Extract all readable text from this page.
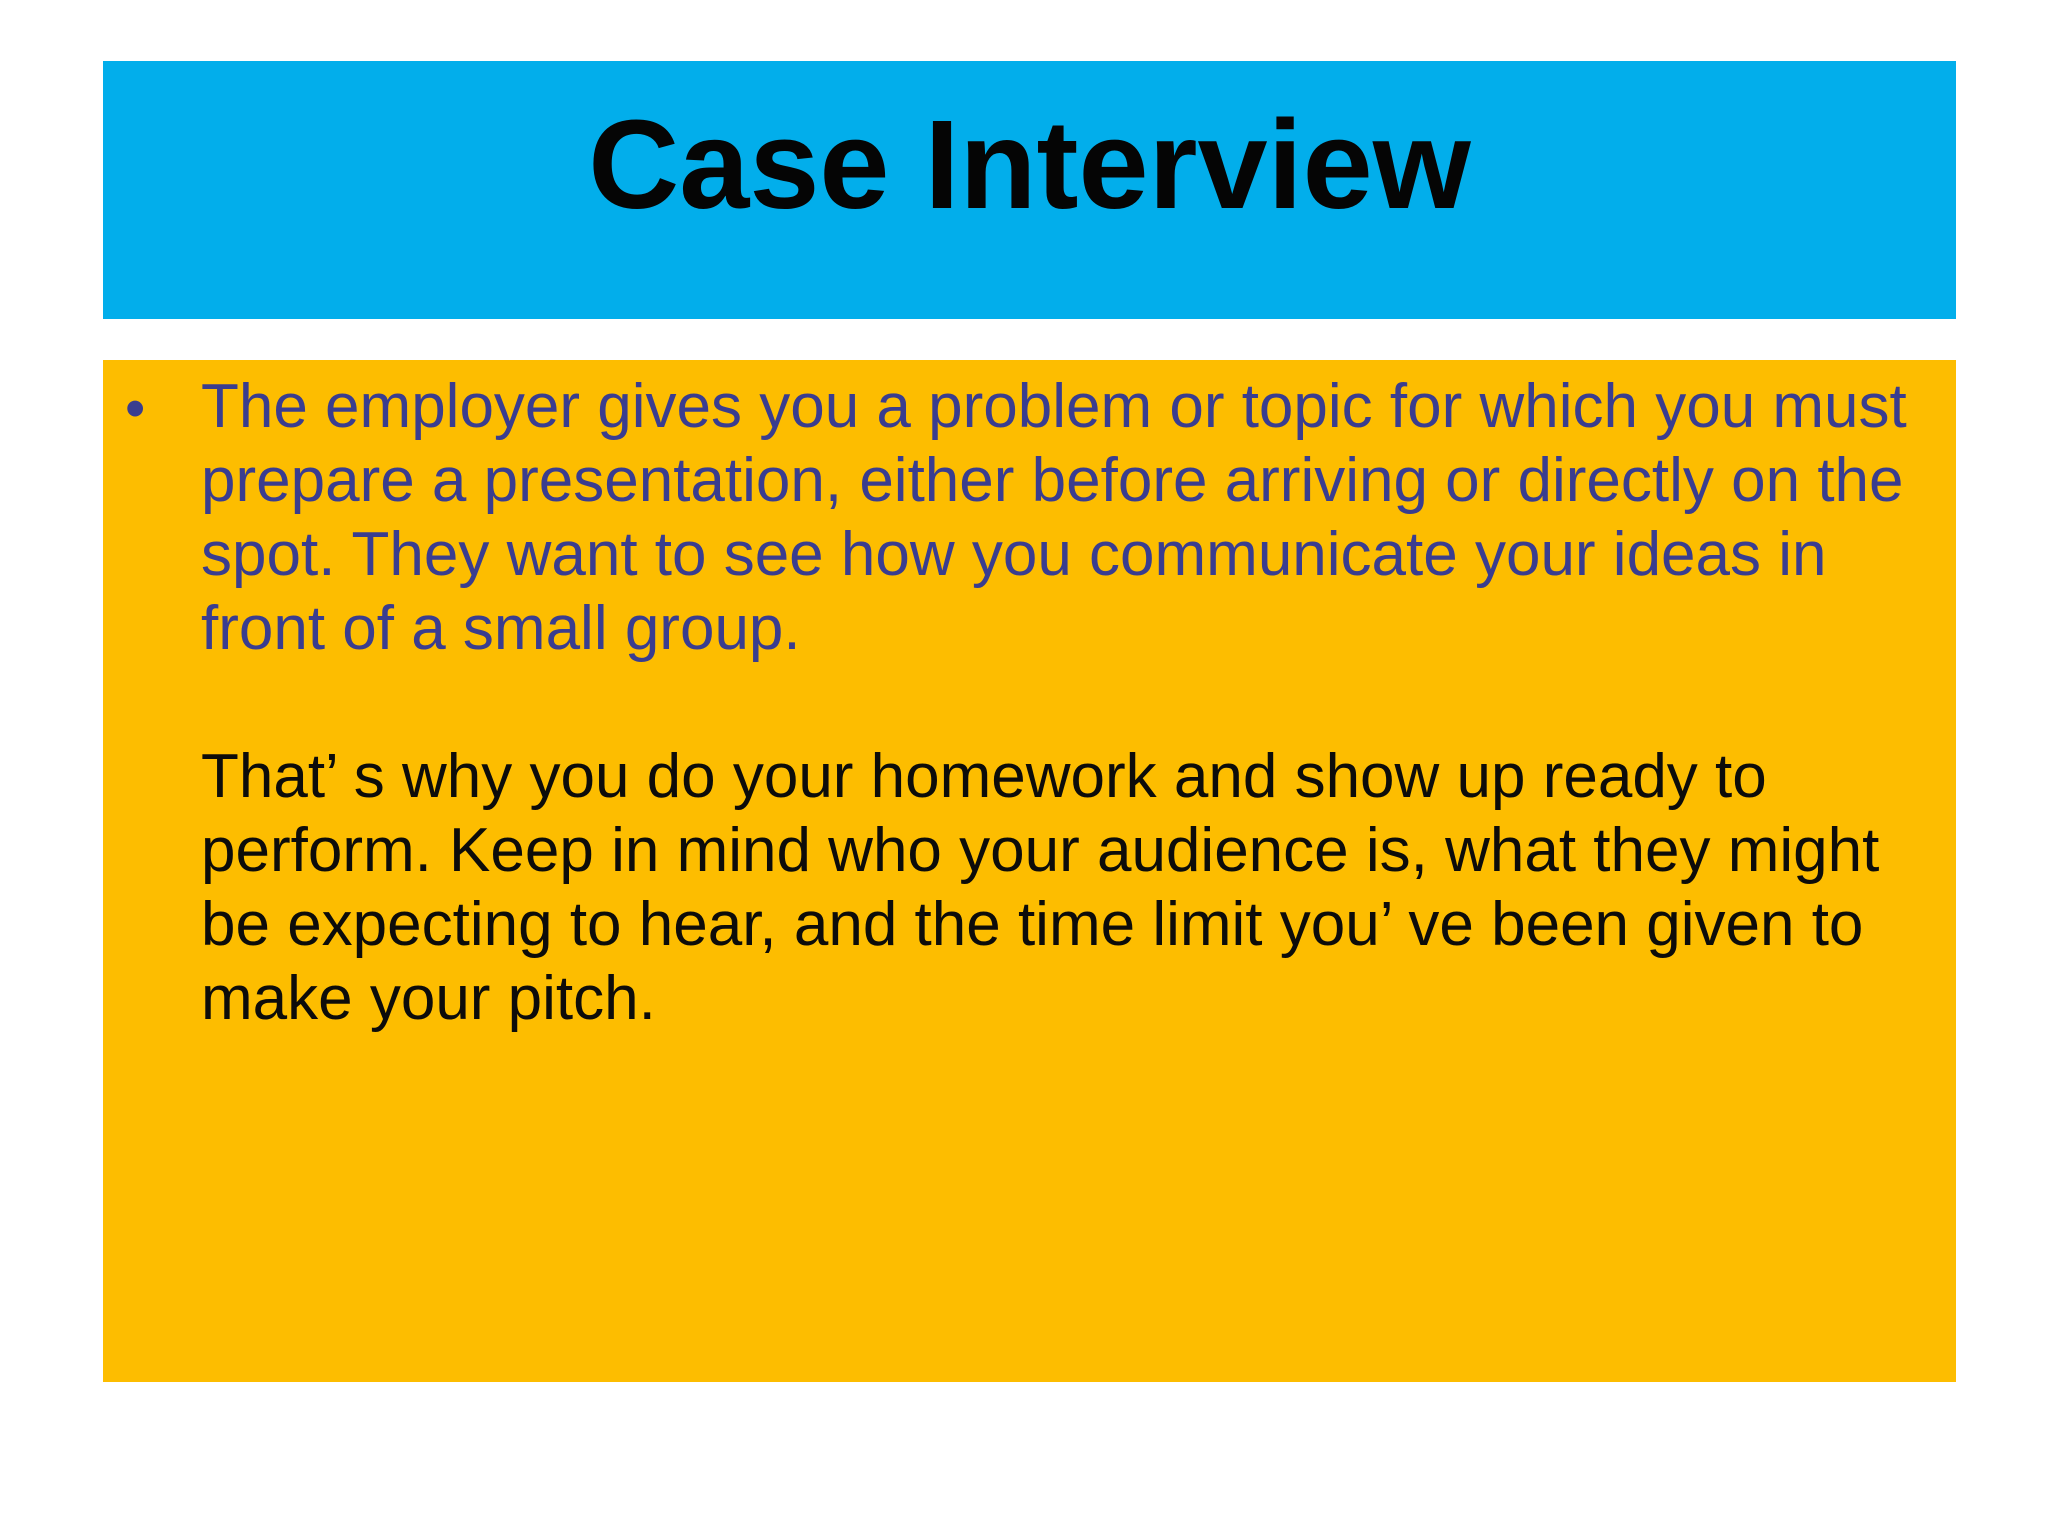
Case Interview
• The employer gives you a problem or topic for which you must prepare a presentation, either before arriving or directly on the spot. They want to see how you communicate your ideas in front of a small group.

That’ s why you do your homework and show up ready to perform. Keep in mind who your audience is, what they might be expecting to hear, and the time limit you’ ve been given to make your pitch.
